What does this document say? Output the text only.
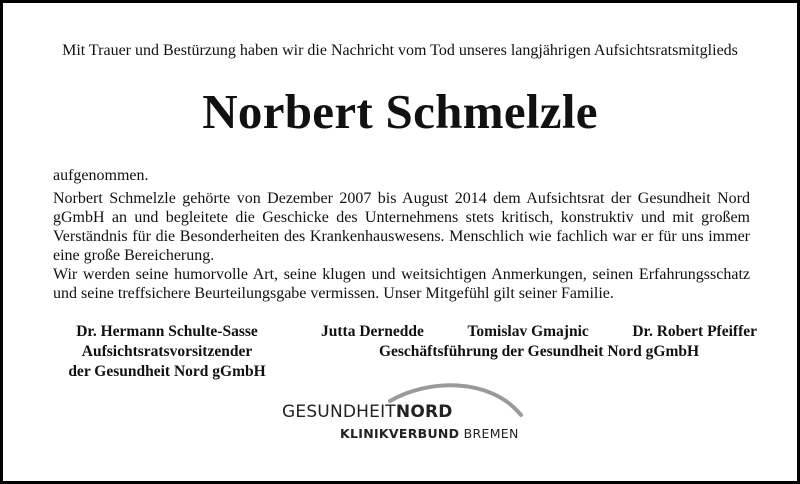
Mit Trauer und Bestürzung haben wir die Nachricht vom Tod unseres langjährigen Aufsichtsratsmitglieds
Norbert Schmelzle
aufgenommen.

Norbert Schmelzle gehörte von Dezember 2007 bis August 2014 dem Aufsichtsrat der Gesundheit Nord gGmbH an und begleitete die Geschicke des Unternehmens stets kritisch, konstruktiv und mit großem Verständnis für die Besonderheiten des Krankenhauswesens. Menschlich wie fachlich war er für uns immer eine große Bereicherung.

Wir werden seine humorvolle Art, seine klugen und weitsichtigen Anmerkungen, seinen Erfahrungsschatz und seine treffsichere Beurteilungsgabe vermissen. Unser Mitgefühl gilt seiner Familie.

Dr. Hermann Schulte-Sasse
Aufsichtsratsvorsitzender
der Gesundheit Nord gGmbH
Jutta Dernedde	Tomislav Gmajnic	Dr. Robert Pfeiffer
Geschäftsführung der Gesundheit Nord gGmbH
GESUNDHEITNORD
KLINIKVERBUND BREMEN
